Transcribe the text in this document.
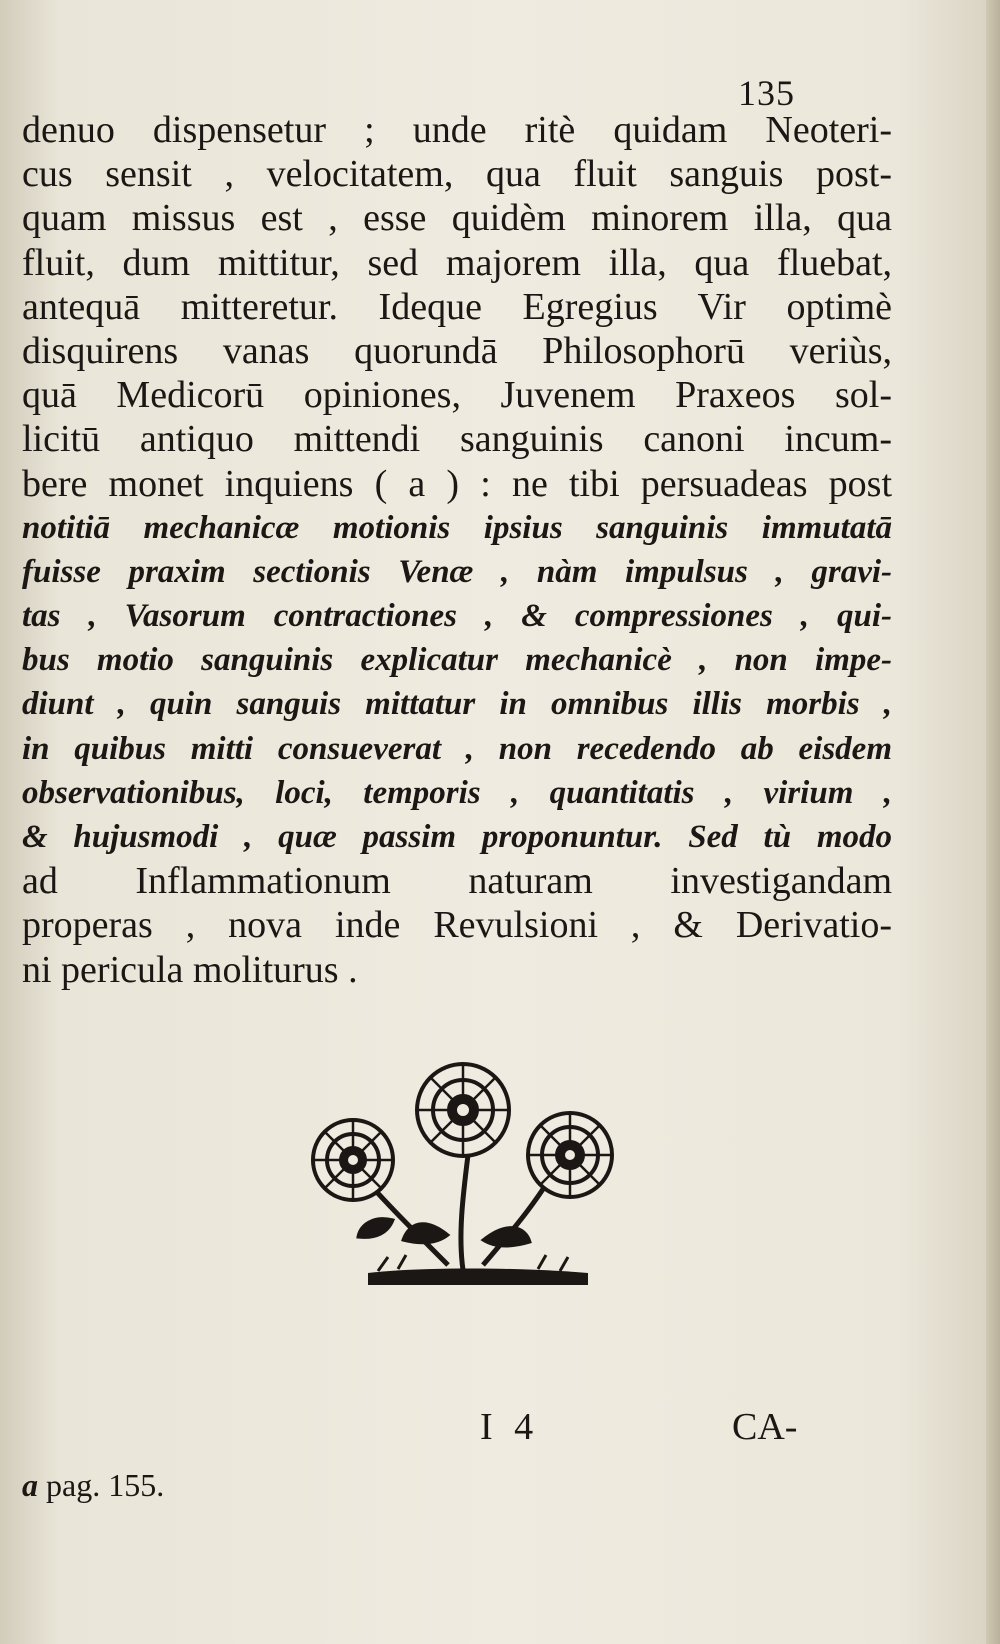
135
denuo dispensetur ; unde ritè quidam Neoteri-
cus sensit , velocitatem, qua fluit sanguis post-
quam missus est , esse quidèm minorem illa, qua
fluit, dum mittitur, sed majorem illa, qua fluebat,
antequā mitteretur. Ideque Egregius Vir optimè
disquirens vanas quorundā Philosophorū veriùs,
quā Medicorū opiniones, Juvenem Praxeos sol-
licitū antiquo mittendi sanguinis canoni incum-
bere monet inquiens ( a ) : ne tibi persuadeas post
notitiā mechanicæ motionis ipsius sanguinis immutatā
fuisse praxim sectionis Venæ , nàm impulsus , gravi-
tas , Vasorum contractiones , & compressiones , qui-
bus motio sanguinis explicatur mechanicè , non impe-
diunt , quin sanguis mittatur in omnibus illis morbis ,
in quibus mitti consueverat , non recedendo ab eisdem
observationibus, loci, temporis , quantitatis , virium ,
& hujusmodi , quæ passim proponuntur. Sed tù modo
ad Inflammationum naturam investigandam
properas , nova inde Revulsioni , & Derivatio-
ni pericula moliturus .
I 4	CA-
a pag. 155.
